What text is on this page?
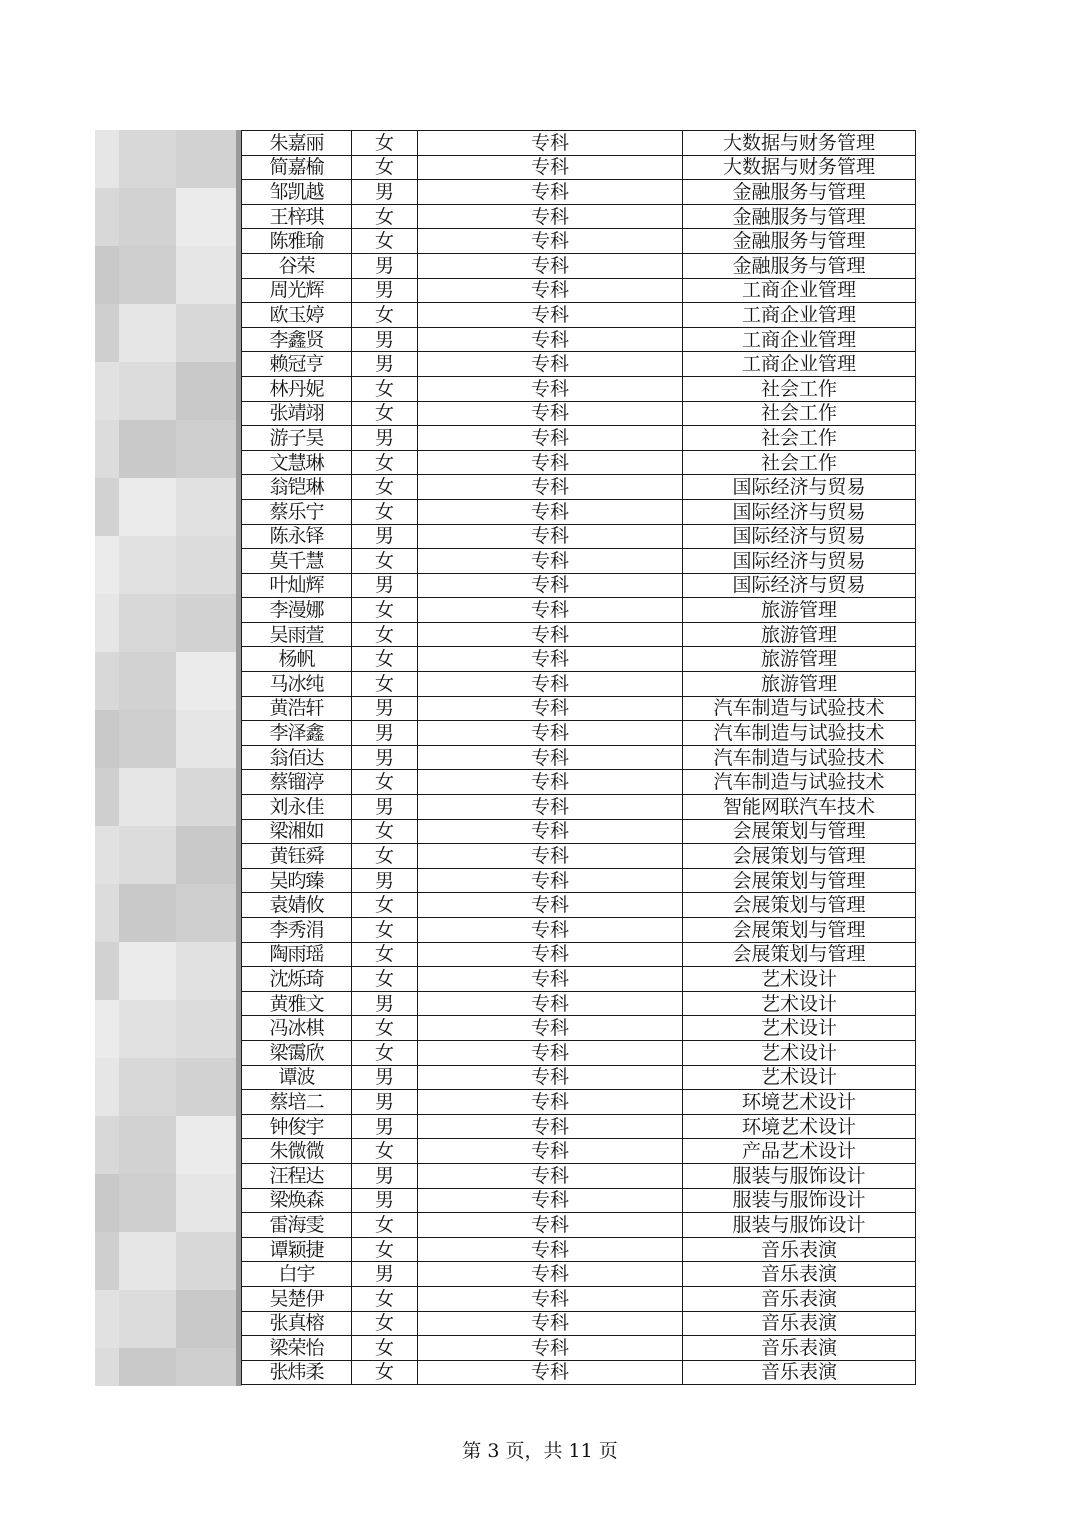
朱嘉丽	女	专科	大数据与财务管理
简嘉榆	女	专科	大数据与财务管理
邹凯越	男	专科	金融服务与管理
王梓琪	女	专科	金融服务与管理
陈雅瑜	女	专科	金融服务与管理
谷荣	男	专科	金融服务与管理
周光辉	男	专科	工商企业管理
欧玉婷	女	专科	工商企业管理
李鑫贤	男	专科	工商企业管理
赖冠亨	男	专科	工商企业管理
林丹妮	女	专科	社会工作
张靖翊	女	专科	社会工作
游子昊	男	专科	社会工作
文慧琳	女	专科	社会工作
翁铠琳	女	专科	国际经济与贸易
蔡乐宁	女	专科	国际经济与贸易
陈永铎	男	专科	国际经济与贸易
莫千慧	女	专科	国际经济与贸易
叶灿辉	男	专科	国际经济与贸易
李漫娜	女	专科	旅游管理
吴雨萱	女	专科	旅游管理
杨帆	女	专科	旅游管理
马冰纯	女	专科	旅游管理
黄浩轩	男	专科	汽车制造与试验技术
李泽鑫	男	专科	汽车制造与试验技术
翁佰达	男	专科	汽车制造与试验技术
蔡镏渟	女	专科	汽车制造与试验技术
刘永佳	男	专科	智能网联汽车技术
梁湘如	女	专科	会展策划与管理
黄钰舜	女	专科	会展策划与管理
吴昀臻	男	专科	会展策划与管理
袁婧攸	女	专科	会展策划与管理
李秀涓	女	专科	会展策划与管理
陶雨瑶	女	专科	会展策划与管理
沈烁琦	女	专科	艺术设计
黄雅文	男	专科	艺术设计
冯冰棋	女	专科	艺术设计
梁霭欣	女	专科	艺术设计
谭波	男	专科	艺术设计
蔡培二	男	专科	环境艺术设计
钟俊宇	男	专科	环境艺术设计
朱微微	女	专科	产品艺术设计
汪程达	男	专科	服装与服饰设计
梁焕森	男	专科	服装与服饰设计
雷海雯	女	专科	服装与服饰设计
谭颖捷	女	专科	音乐表演
白宇	男	专科	音乐表演
吴楚伊	女	专科	音乐表演
张真榕	女	专科	音乐表演
梁荣怡	女	专科	音乐表演
张炜柔	女	专科	音乐表演
第 3 页，共 11 页
